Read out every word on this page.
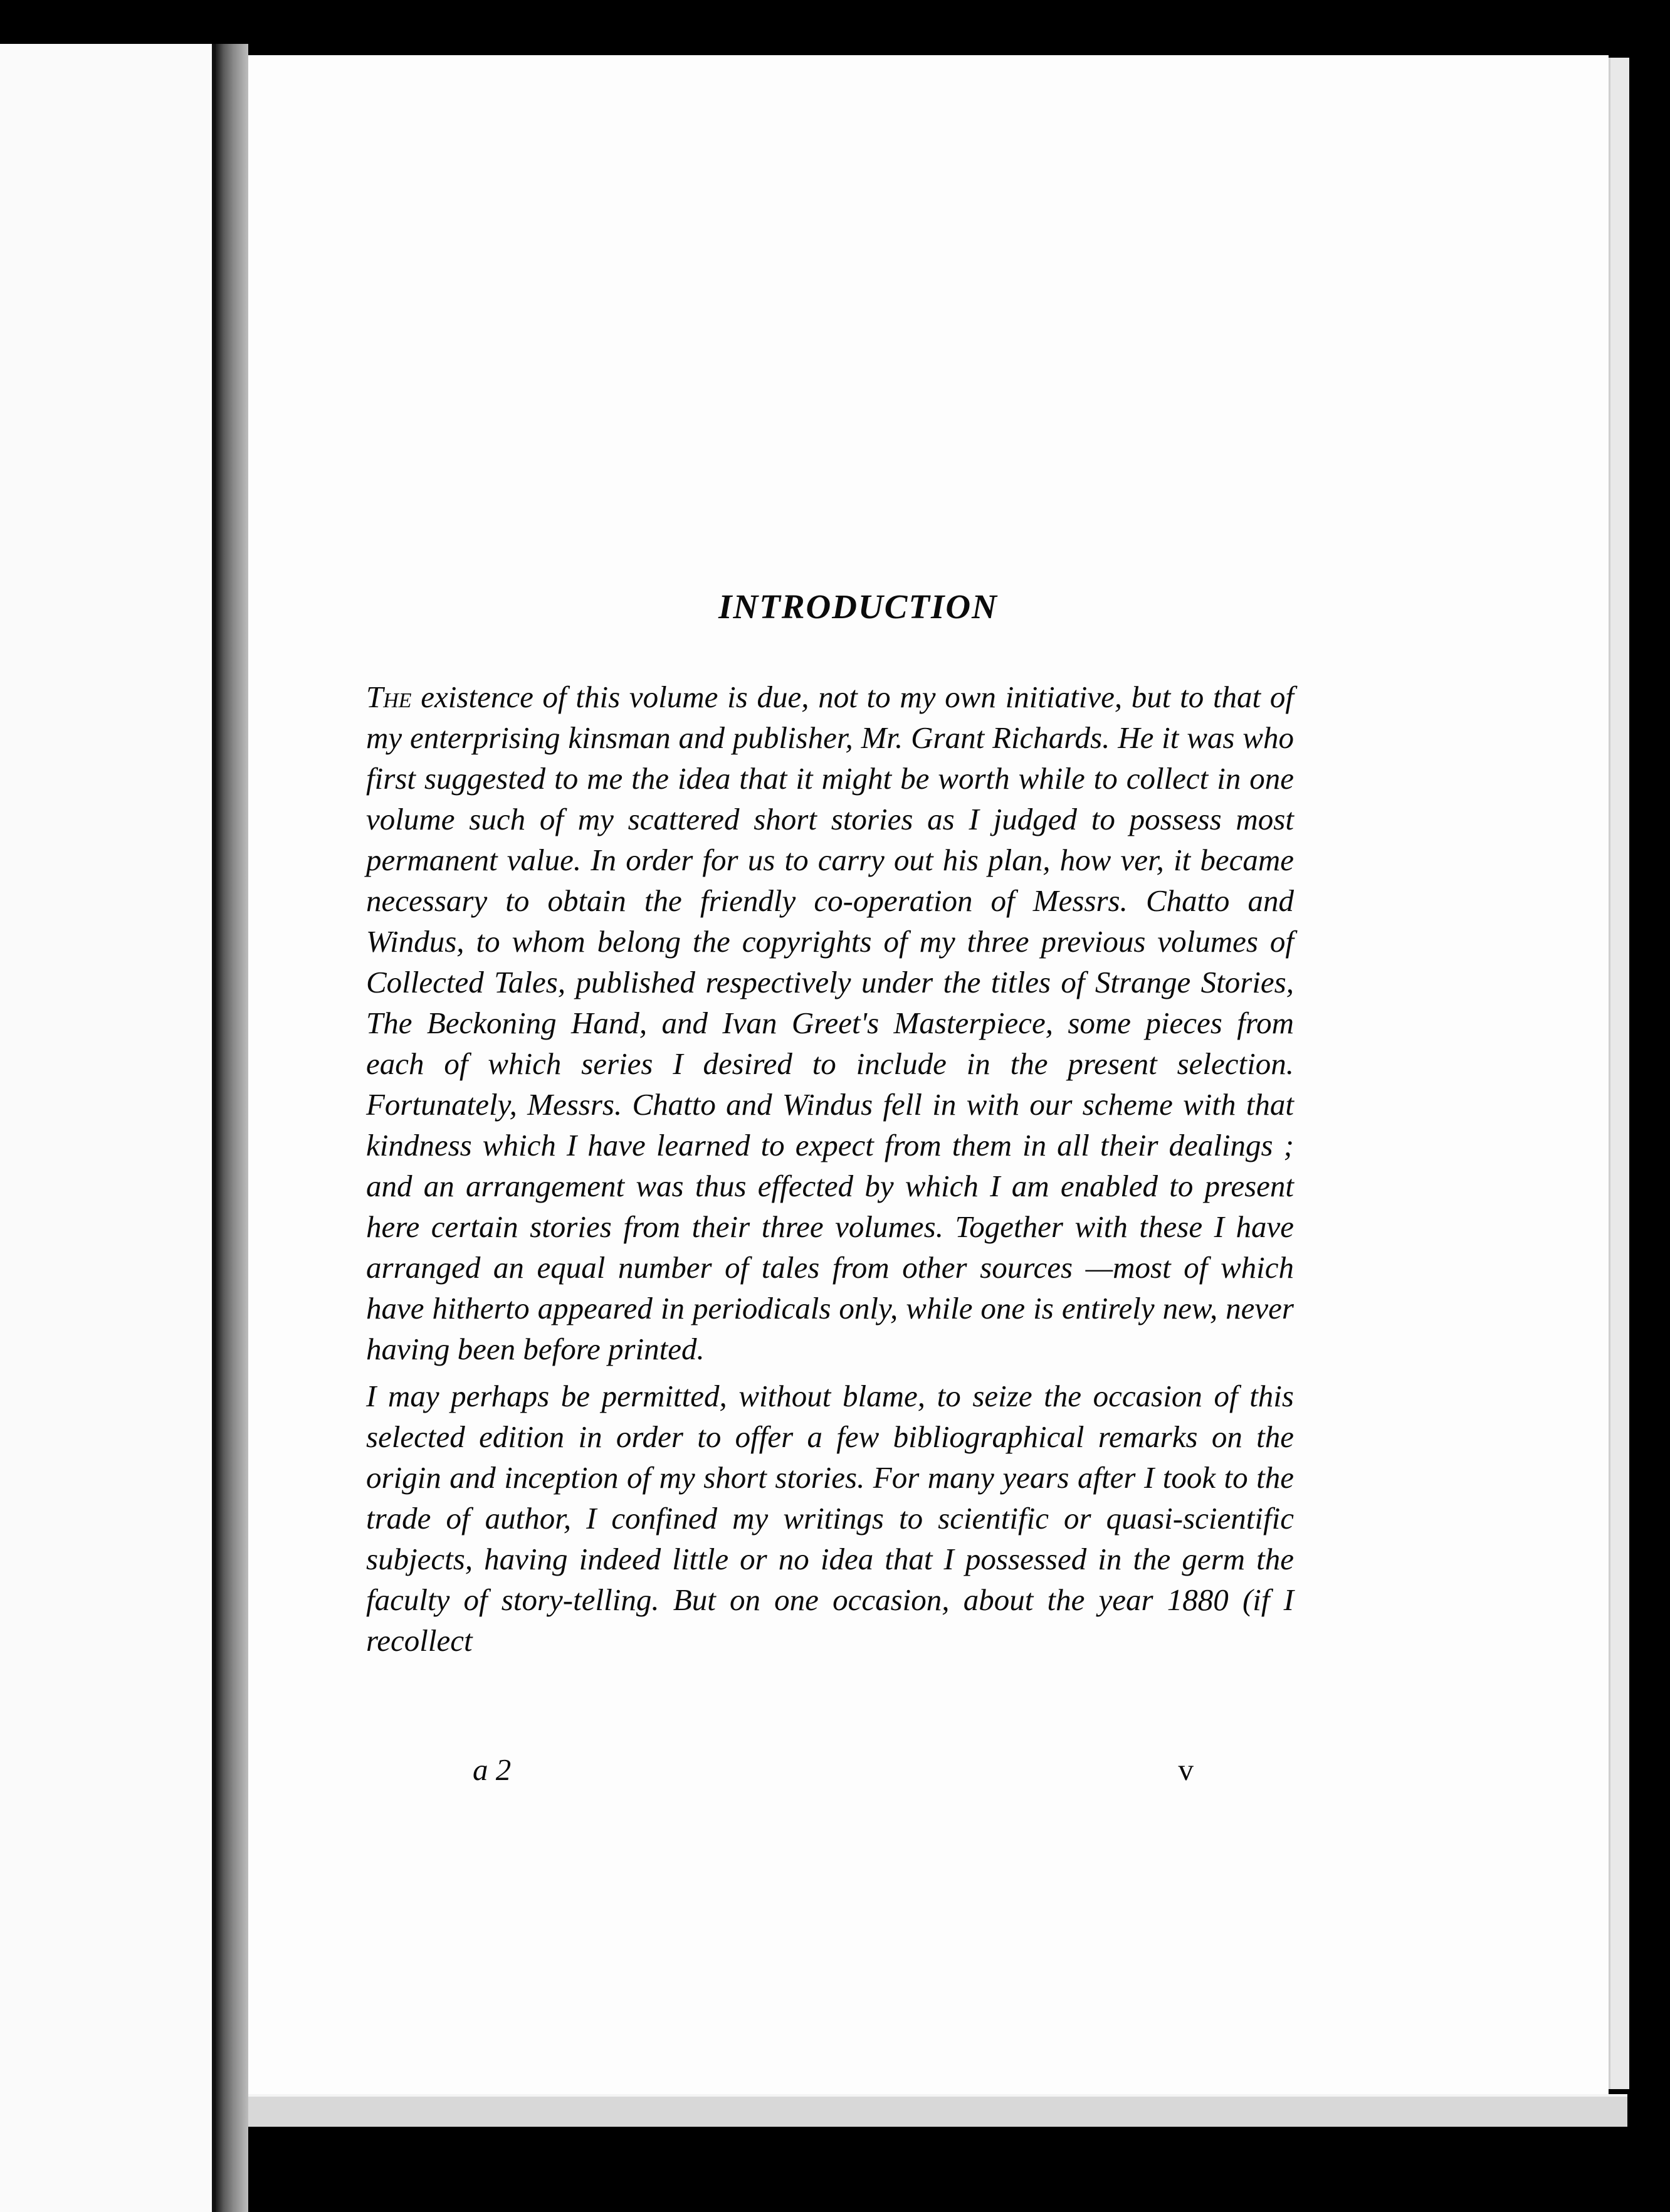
INTRODUCTION

The existence of this volume is due, not to my own initiative, but to that of my enterprising kinsman and publisher, Mr. Grant Richards. He it was who first suggested to me the idea that it might be worth while to collect in one volume such of my scattered short stories as I judged to possess most permanent value. In order for us to carry out his plan, how ver, it became necessary to obtain the friendly co-operation of Messrs. Chatto and Windus, to whom belong the copyrights of my three previous volumes of Collected Tales, published respectively under the titles of Strange Stories, The Beckoning Hand, and Ivan Greet's Masterpiece, some pieces from each of which series I desired to include in the present selection. Fortunately, Messrs. Chatto and Windus fell in with our scheme with that kindness which I have learned to expect from them in all their dealings ; and an arrangement was thus effected by which I am enabled to present here certain stories from their three volumes. Together with these I have arranged an equal number of tales from other sources —most of which have hitherto appeared in periodicals only, while one is entirely new, never having been before printed.

I may perhaps be permitted, without blame, to seize the occasion of this selected edition in order to offer a few bibliographical remarks on the origin and inception of my short stories. For many years after I took to the trade of author, I confined my writings to scientific or quasi-scientific subjects, having indeed little or no idea that I possessed in the germ the faculty of story-telling. But on one occasion, about the year 1880 (if I recollect

a 2	v
